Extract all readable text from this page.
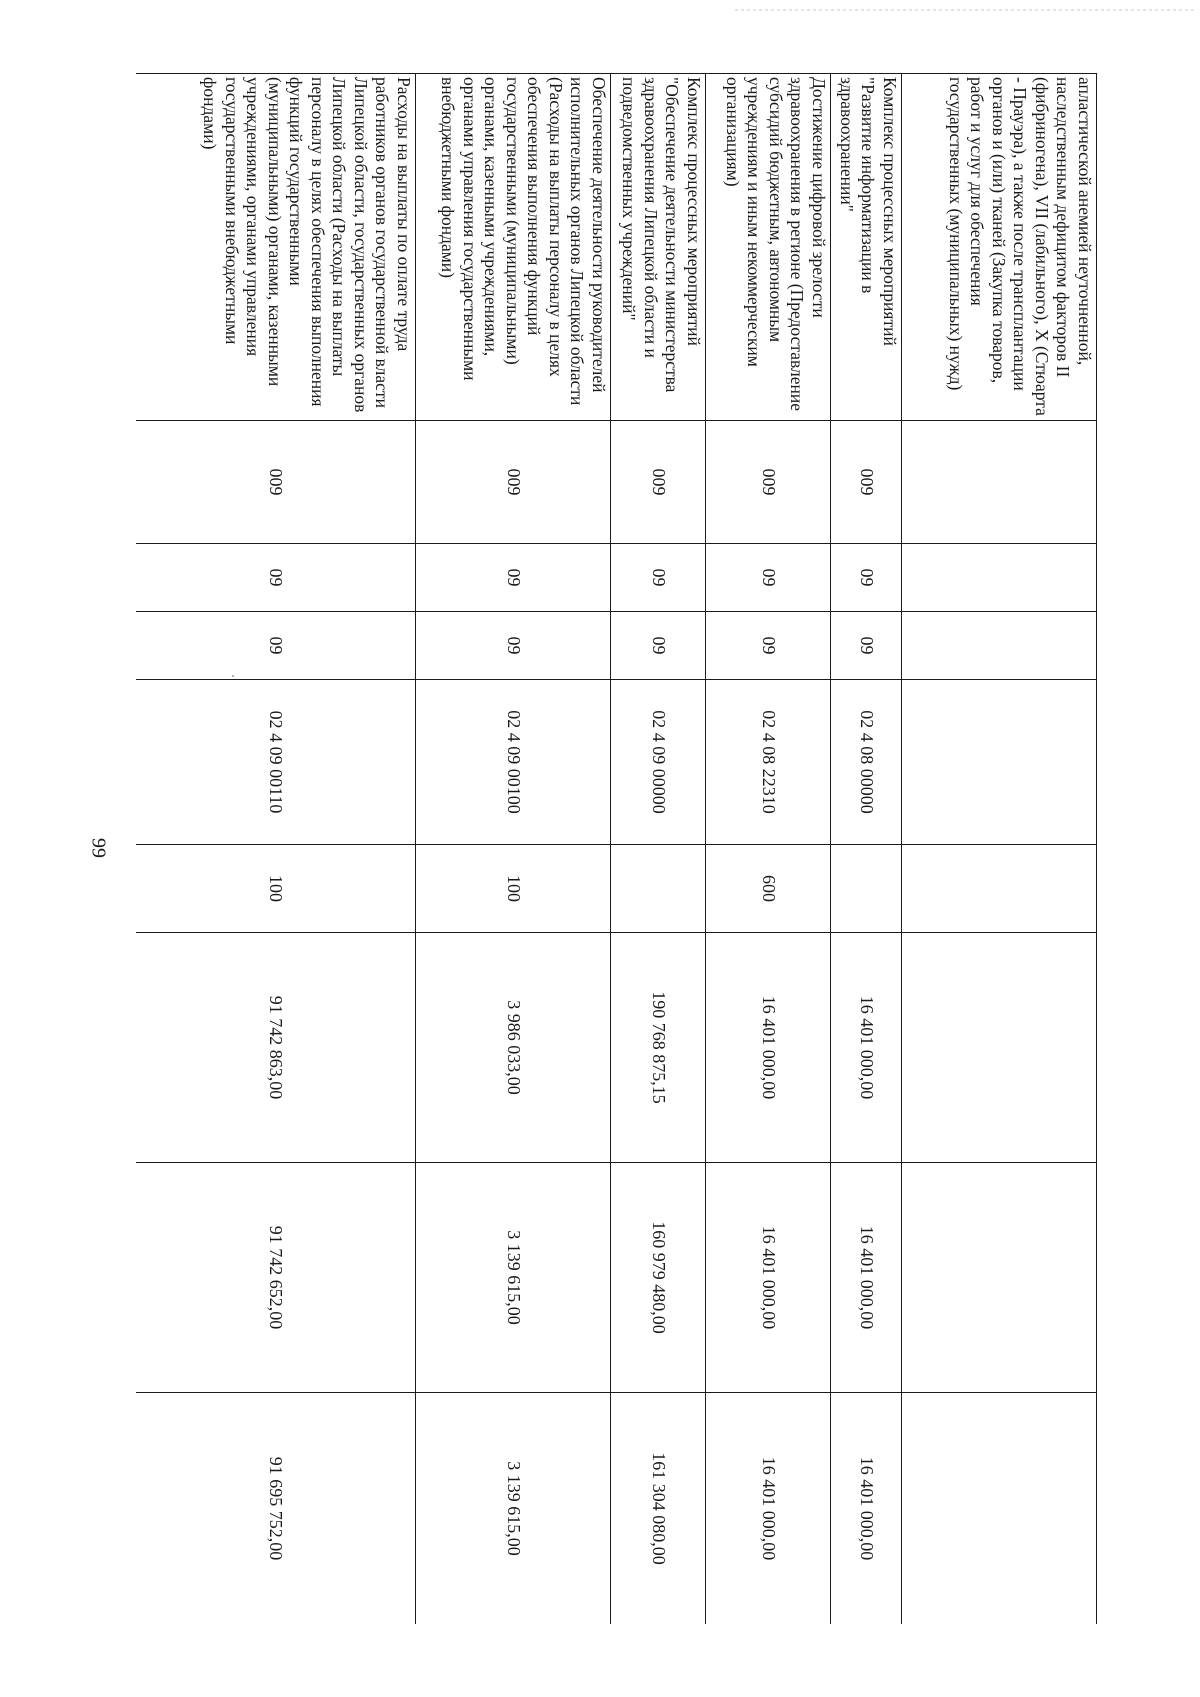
99
апластической анемией неуточненной, наследственным дефицитом факторов II (фибриногена), VII (лабильного), X (Стюарта - Прауэра), а также после трансплантации органов и (или) тканей (Закупка товаров, работ и услуг для обеспечения государственных (муниципальных) нужд)								
Комплекс процессных мероприятий "Развитие информатизации в здравоохранении"	009	09	09	02 4 08 00000		16 401 000,00	16 401 000,00	16 401 000,00
Достижение цифровой зрелости здравоохранения в регионе (Предоставление субсидий бюджетным, автономным учреждениям и иным некоммерческим организациям)	009	09	09	02 4 08 22310	600	16 401 000,00	16 401 000,00	16 401 000,00
Комплекс процессных мероприятий "Обеспечение деятельности министерства здравоохранения Липецкой области и подведомственных учреждений"	009	09	09	02 4 09 00000		190 768 875,15	160 979 480,00	161 304 080,00
Обеспечение деятельности руководителей исполнительных органов Липецкой области (Расходы на выплаты персоналу в целях обеспечения выполнения функций государственными (муниципальными) органами, казенными учреждениями, органами управления государственными внебюджетными фондами)	009	09	09	02 4 09 00100	100	3 986 033,00	3 139 615,00	3 139 615,00
Расходы на выплаты по оплате труда работников органов государственной власти Липецкой области, государственных органов Липецкой области (Расходы на выплаты персоналу в целях обеспечения выполнения функций государственными (муниципальными) органами, казенными учреждениями, органами управления государственными внебюджетными фондами)	009	09	09	02 4 09 00110	100	91 742 863,00	91 742 652,00	91 695 752,00
